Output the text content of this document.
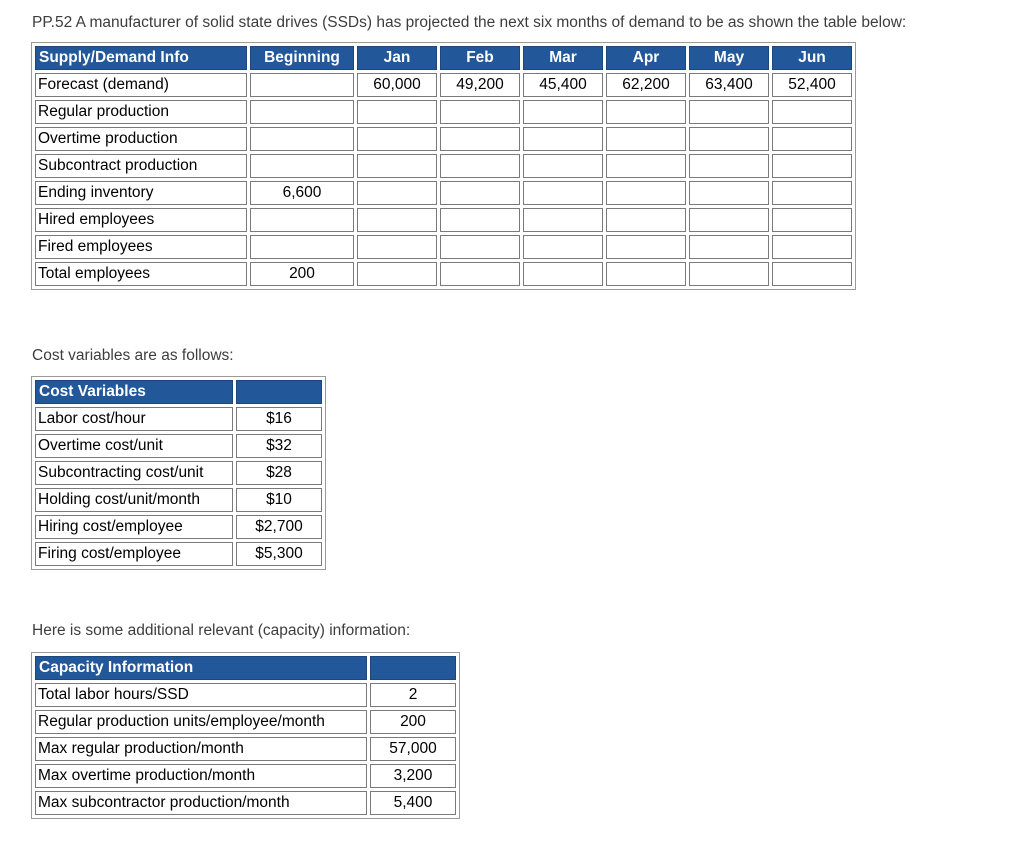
PP.52 A manufacturer of solid state drives (SSDs) has projected the next six months of demand to be as shown the table below:
Supply/Demand Info	Beginning	Jan	Feb	Mar	Apr	May	Jun
Forecast (demand)		60,000	49,200	45,400	62,200	63,400	52,400
Regular production							
Overtime production							
Subcontract production							
Ending inventory	6,600						
Hired employees							
Fired employees							
Total employees	200						
Cost variables are as follows:
Cost Variables	
Labor cost/hour	$16
Overtime cost/unit	$32
Subcontracting cost/unit	$28
Holding cost/unit/month	$10
Hiring cost/employee	$2,700
Firing cost/employee	$5,300
Here is some additional relevant (capacity) information:
Capacity Information	
Total labor hours/SSD	2
Regular production units/employee/month	200
Max regular production/month	57,000
Max overtime production/month	3,200
Max subcontractor production/month	5,400
